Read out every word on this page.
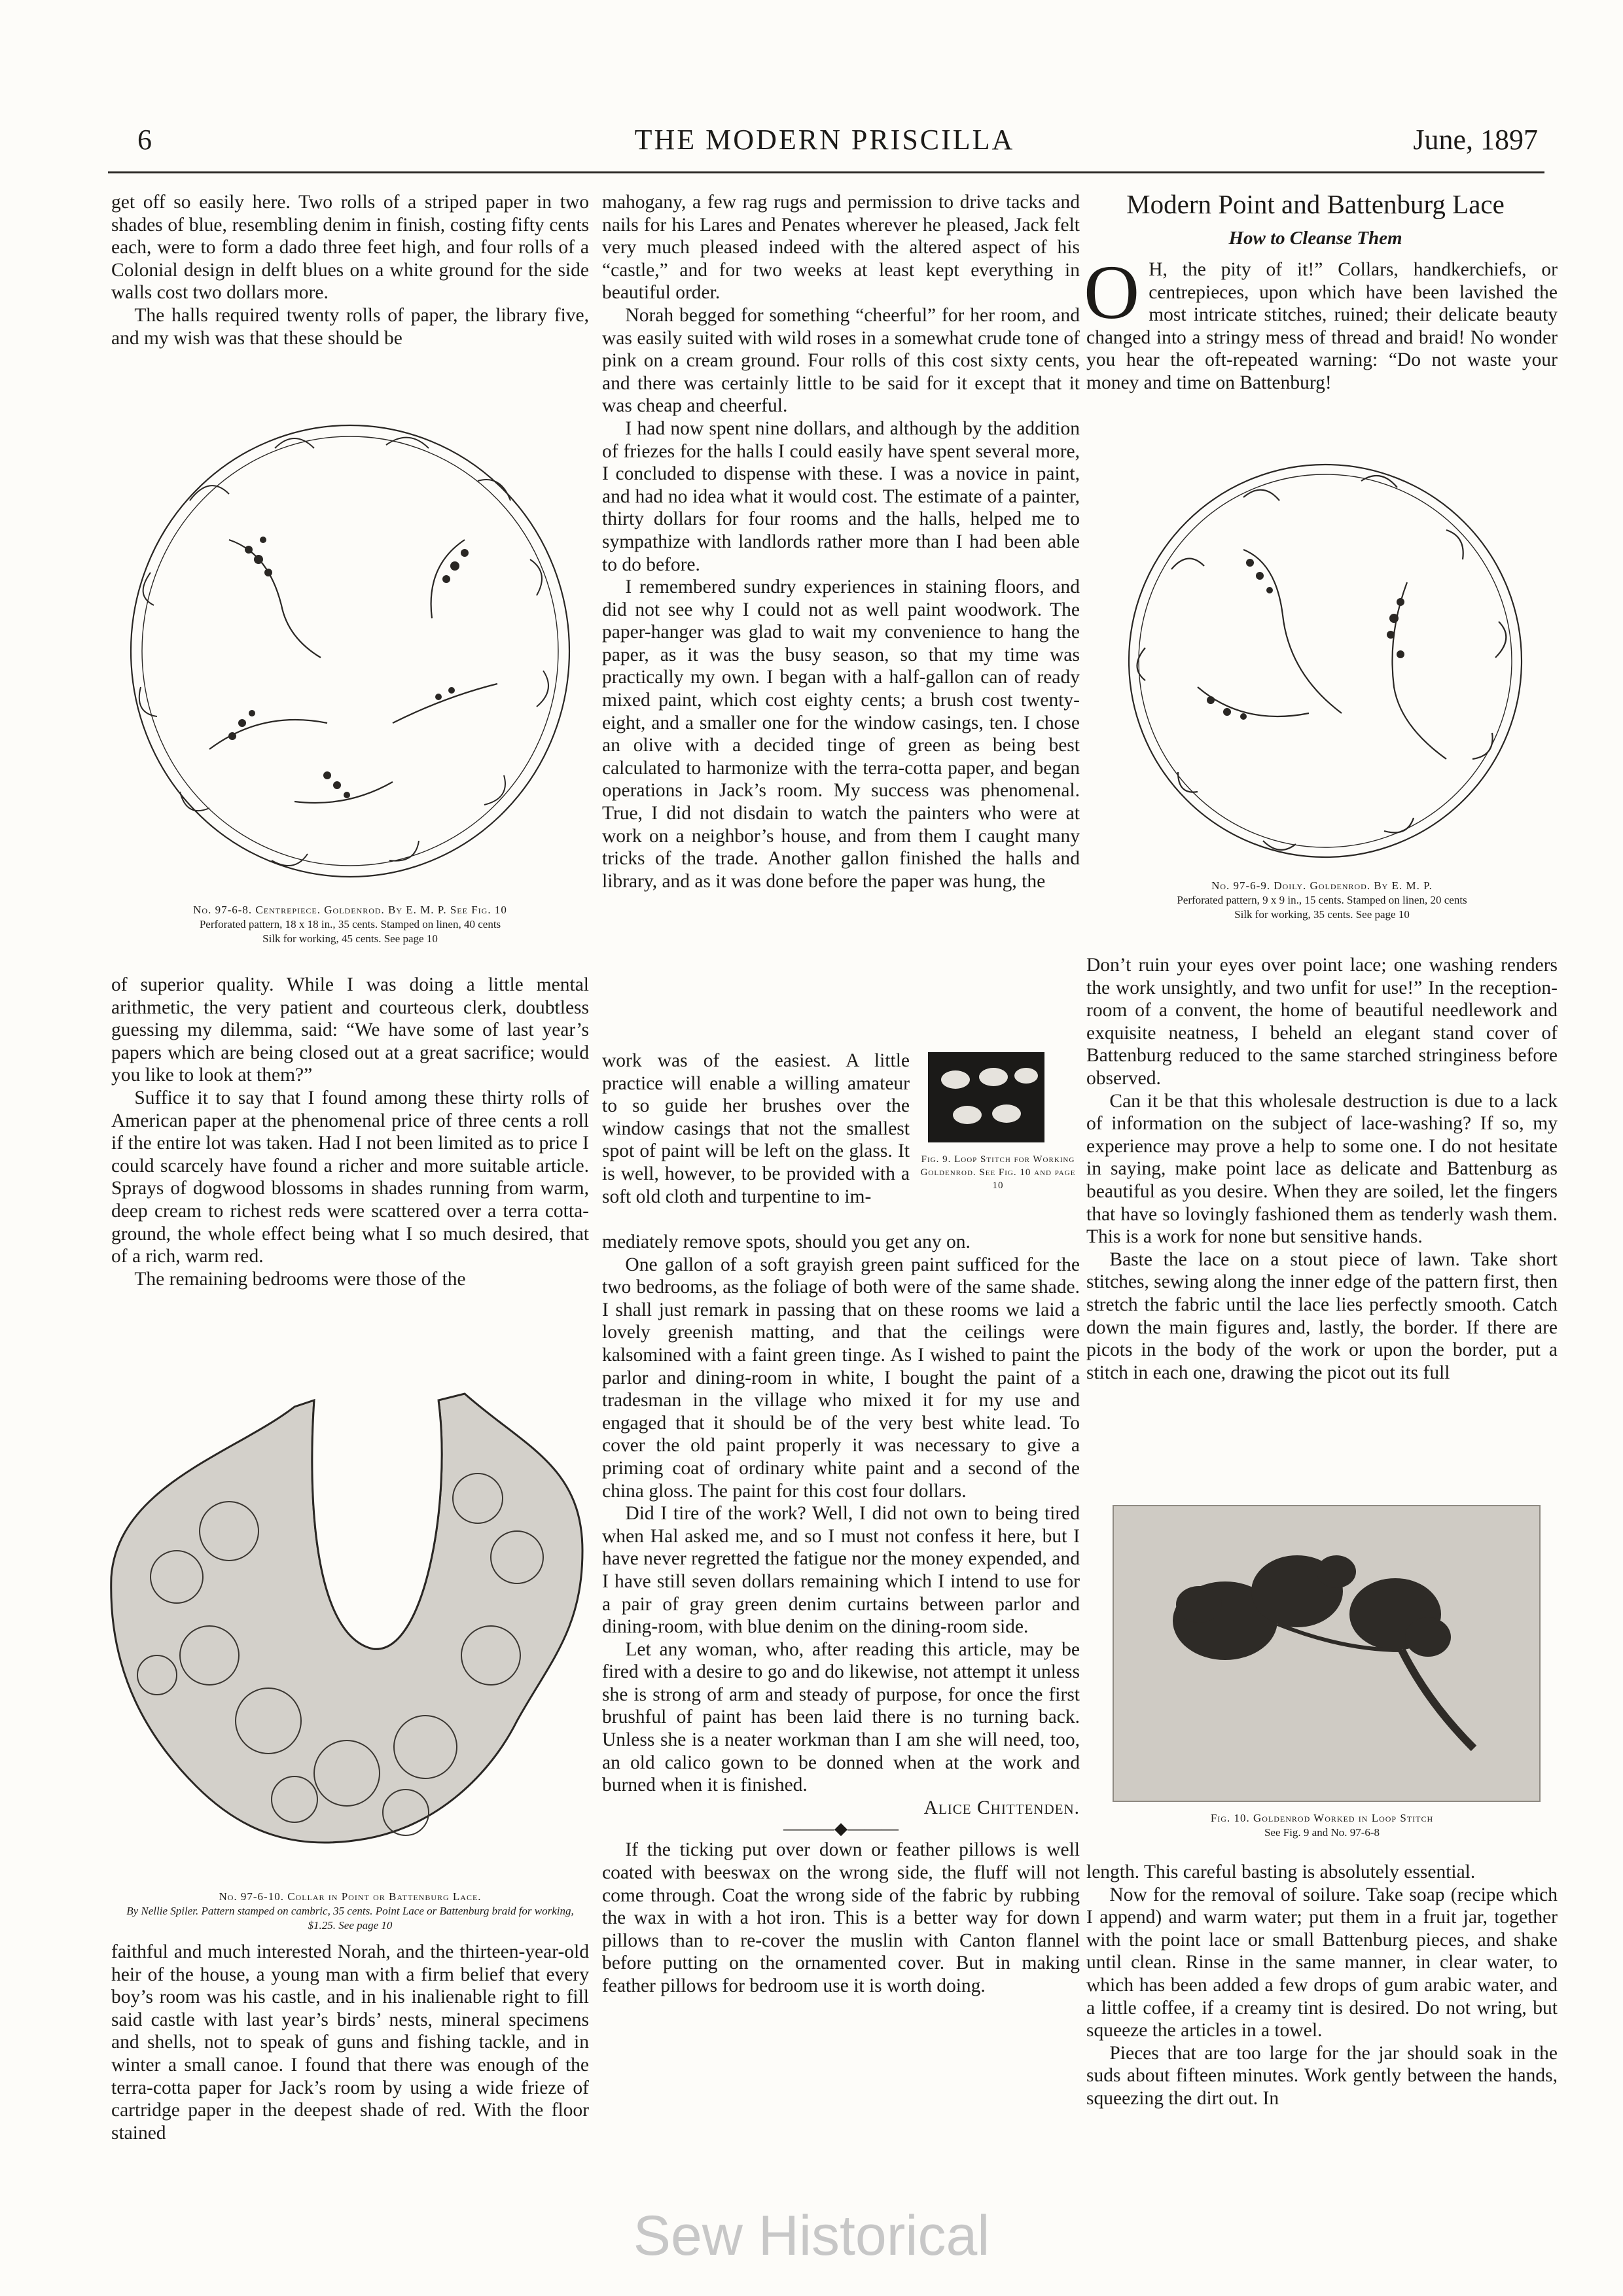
6	THE MODERN PRISCILLA	June, 1897

get off so easily here. Two rolls of a striped paper in two shades of blue, resembling denim in finish, costing fifty cents each, were to form a dado three feet high, and four rolls of a Colonial design in delft blues on a white ground for the side walls cost two dollars more.

The halls required twenty rolls of paper, the library five, and my wish was that these should be

No. 97-6-8. Centrepiece. Goldenrod. By E. M. P. See Fig. 10
Perforated pattern, 18 x 18 in., 35 cents. Stamped on linen, 40 cents
Silk for working, 45 cents. See page 10

of superior quality. While I was doing a little mental arithmetic, the very patient and courteous clerk, doubtless guessing my dilemma, said: “We have some of last year’s papers which are being closed out at a great sacrifice; would you like to look at them?”

Suffice it to say that I found among these thirty rolls of American paper at the phenomenal price of three cents a roll if the entire lot was taken. Had I not been limited as to price I could scarcely have found a richer and more suitable article. Sprays of dogwood blossoms in shades running from warm, deep cream to richest reds were scattered over a terra cotta-ground, the whole effect being what I so much desired, that of a rich, warm red.

The remaining bedrooms were those of the

No. 97-6-10. Collar in Point or Battenburg Lace.
By Nellie Spiler. Pattern stamped on cambric, 35 cents. Point Lace or Battenburg braid for working, $1.25. See page 10

faithful and much interested Norah, and the thirteen-year-old heir of the house, a young man with a firm belief that every boy’s room was his castle, and in his inalienable right to fill said castle with last year’s birds’ nests, mineral specimens and shells, not to speak of guns and fishing tackle, and in winter a small canoe. I found that there was enough of the terra-cotta paper for Jack’s room by using a wide frieze of cartridge paper in the deepest shade of red. With the floor stained

mahogany, a few rag rugs and permission to drive tacks and nails for his Lares and Penates wherever he pleased, Jack felt very much pleased indeed with the altered aspect of his “castle,” and for two weeks at least kept everything in beautiful order.

Norah begged for something “cheerful” for her room, and was easily suited with wild roses in a somewhat crude tone of pink on a cream ground. Four rolls of this cost sixty cents, and there was certainly little to be said for it except that it was cheap and cheerful.

I had now spent nine dollars, and although by the addition of friezes for the halls I could easily have spent several more, I concluded to dispense with these. I was a novice in paint, and had no idea what it would cost. The estimate of a painter, thirty dollars for four rooms and the halls, helped me to sympathize with landlords rather more than I had been able to do before.

I remembered sundry experiences in staining floors, and did not see why I could not as well paint woodwork. The paper-hanger was glad to wait my convenience to hang the paper, as it was the busy season, so that my time was practically my own. I began with a half-gallon can of ready mixed paint, which cost eighty cents; a brush cost twenty-eight, and a smaller one for the window casings, ten. I chose an olive with a decided tinge of green as being best calculated to harmonize with the terra-cotta paper, and began operations in Jack’s room. My success was phenomenal. True, I did not disdain to watch the painters who were at work on a neighbor’s house, and from them I caught many tricks of the trade. Another gallon finished the halls and library, and as it was done before the paper was hung, the

work was of the easiest. A little practice will enable a willing amateur to so guide her brushes over the window casings that not the smallest spot of paint will be left on the glass. It is well, however, to be provided with a soft old cloth and turpentine to im-

Fig. 9. Loop Stitch for Working Goldenrod. See Fig. 10 and page 10

mediately remove spots, should you get any on.

One gallon of a soft grayish green paint sufficed for the two bedrooms, as the foliage of both were of the same shade. I shall just remark in passing that on these rooms we laid a lovely greenish matting, and that the ceilings were kalsomined with a faint green tinge. As I wished to paint the parlor and dining-room in white, I bought the paint of a tradesman in the village who mixed it for my use and engaged that it should be of the very best white lead. To cover the old paint properly it was necessary to give a priming coat of ordinary white paint and a second of the china gloss. The paint for this cost four dollars.

Did I tire of the work? Well, I did not own to being tired when Hal asked me, and so I must not confess it here, but I have never regretted the fatigue nor the money expended, and I have still seven dollars remaining which I intend to use for a pair of gray green denim curtains between parlor and dining-room, with blue denim on the dining-room side.

Let any woman, who, after reading this article, may be fired with a desire to go and do likewise, not attempt it unless she is strong of arm and steady of purpose, for once the first brushful of paint has been laid there is no turning back. Unless she is a neater workman than I am she will need, too, an old calico gown to be donned when at the work and burned when it is finished.

Alice Chittenden.

———◆———

If the ticking put over down or feather pillows is well coated with beeswax on the wrong side, the fluff will not come through. Coat the wrong side of the fabric by rubbing the wax in with a hot iron. This is a better way for down pillows than to re-cover the muslin with Canton flannel before putting on the ornamented cover. But in making feather pillows for bedroom use it is worth doing.

Modern Point and Battenburg Lace
How to Cleanse Them

O H, the pity of it!” Collars, handkerchiefs, or centrepieces, upon which have been lavished the most intricate stitches, ruined; their delicate beauty changed into a stringy mess of thread and braid! No wonder you hear the oft-repeated warning: “Do not waste your money and time on Battenburg!

No. 97-6-9. Doily. Goldenrod. By E. M. P.
Perforated pattern, 9 x 9 in., 15 cents. Stamped on linen, 20 cents
Silk for working, 35 cents. See page 10

Don’t ruin your eyes over point lace; one washing renders the work unsightly, and two unfit for use!” In the reception-room of a convent, the home of beautiful needlework and exquisite neatness, I beheld an elegant stand cover of Battenburg reduced to the same starched stringiness before observed.

Can it be that this wholesale destruction is due to a lack of information on the subject of lace-washing? If so, my experience may prove a help to some one. I do not hesitate in saying, make point lace as delicate and Battenburg as beautiful as you desire. When they are soiled, let the fingers that have so lovingly fashioned them as tenderly wash them. This is a work for none but sensitive hands.

Baste the lace on a stout piece of lawn. Take short stitches, sewing along the inner edge of the pattern first, then stretch the fabric until the lace lies perfectly smooth. Catch down the main figures and, lastly, the border. If there are picots in the body of the work or upon the border, put a stitch in each one, drawing the picot out its full

Fig. 10. Goldenrod Worked in Loop Stitch
See Fig. 9 and No. 97-6-8

length. This careful basting is absolutely essential.

Now for the removal of soilure. Take soap (recipe which I append) and warm water; put them in a fruit jar, together with the point lace or small Battenburg pieces, and shake until clean. Rinse in the same manner, in clear water, to which has been added a few drops of gum arabic water, and a little coffee, if a creamy tint is desired. Do not wring, but squeeze the articles in a towel.

Pieces that are too large for the jar should soak in the suds about fifteen minutes. Work gently between the hands, squeezing the dirt out. In

Sew Historical
